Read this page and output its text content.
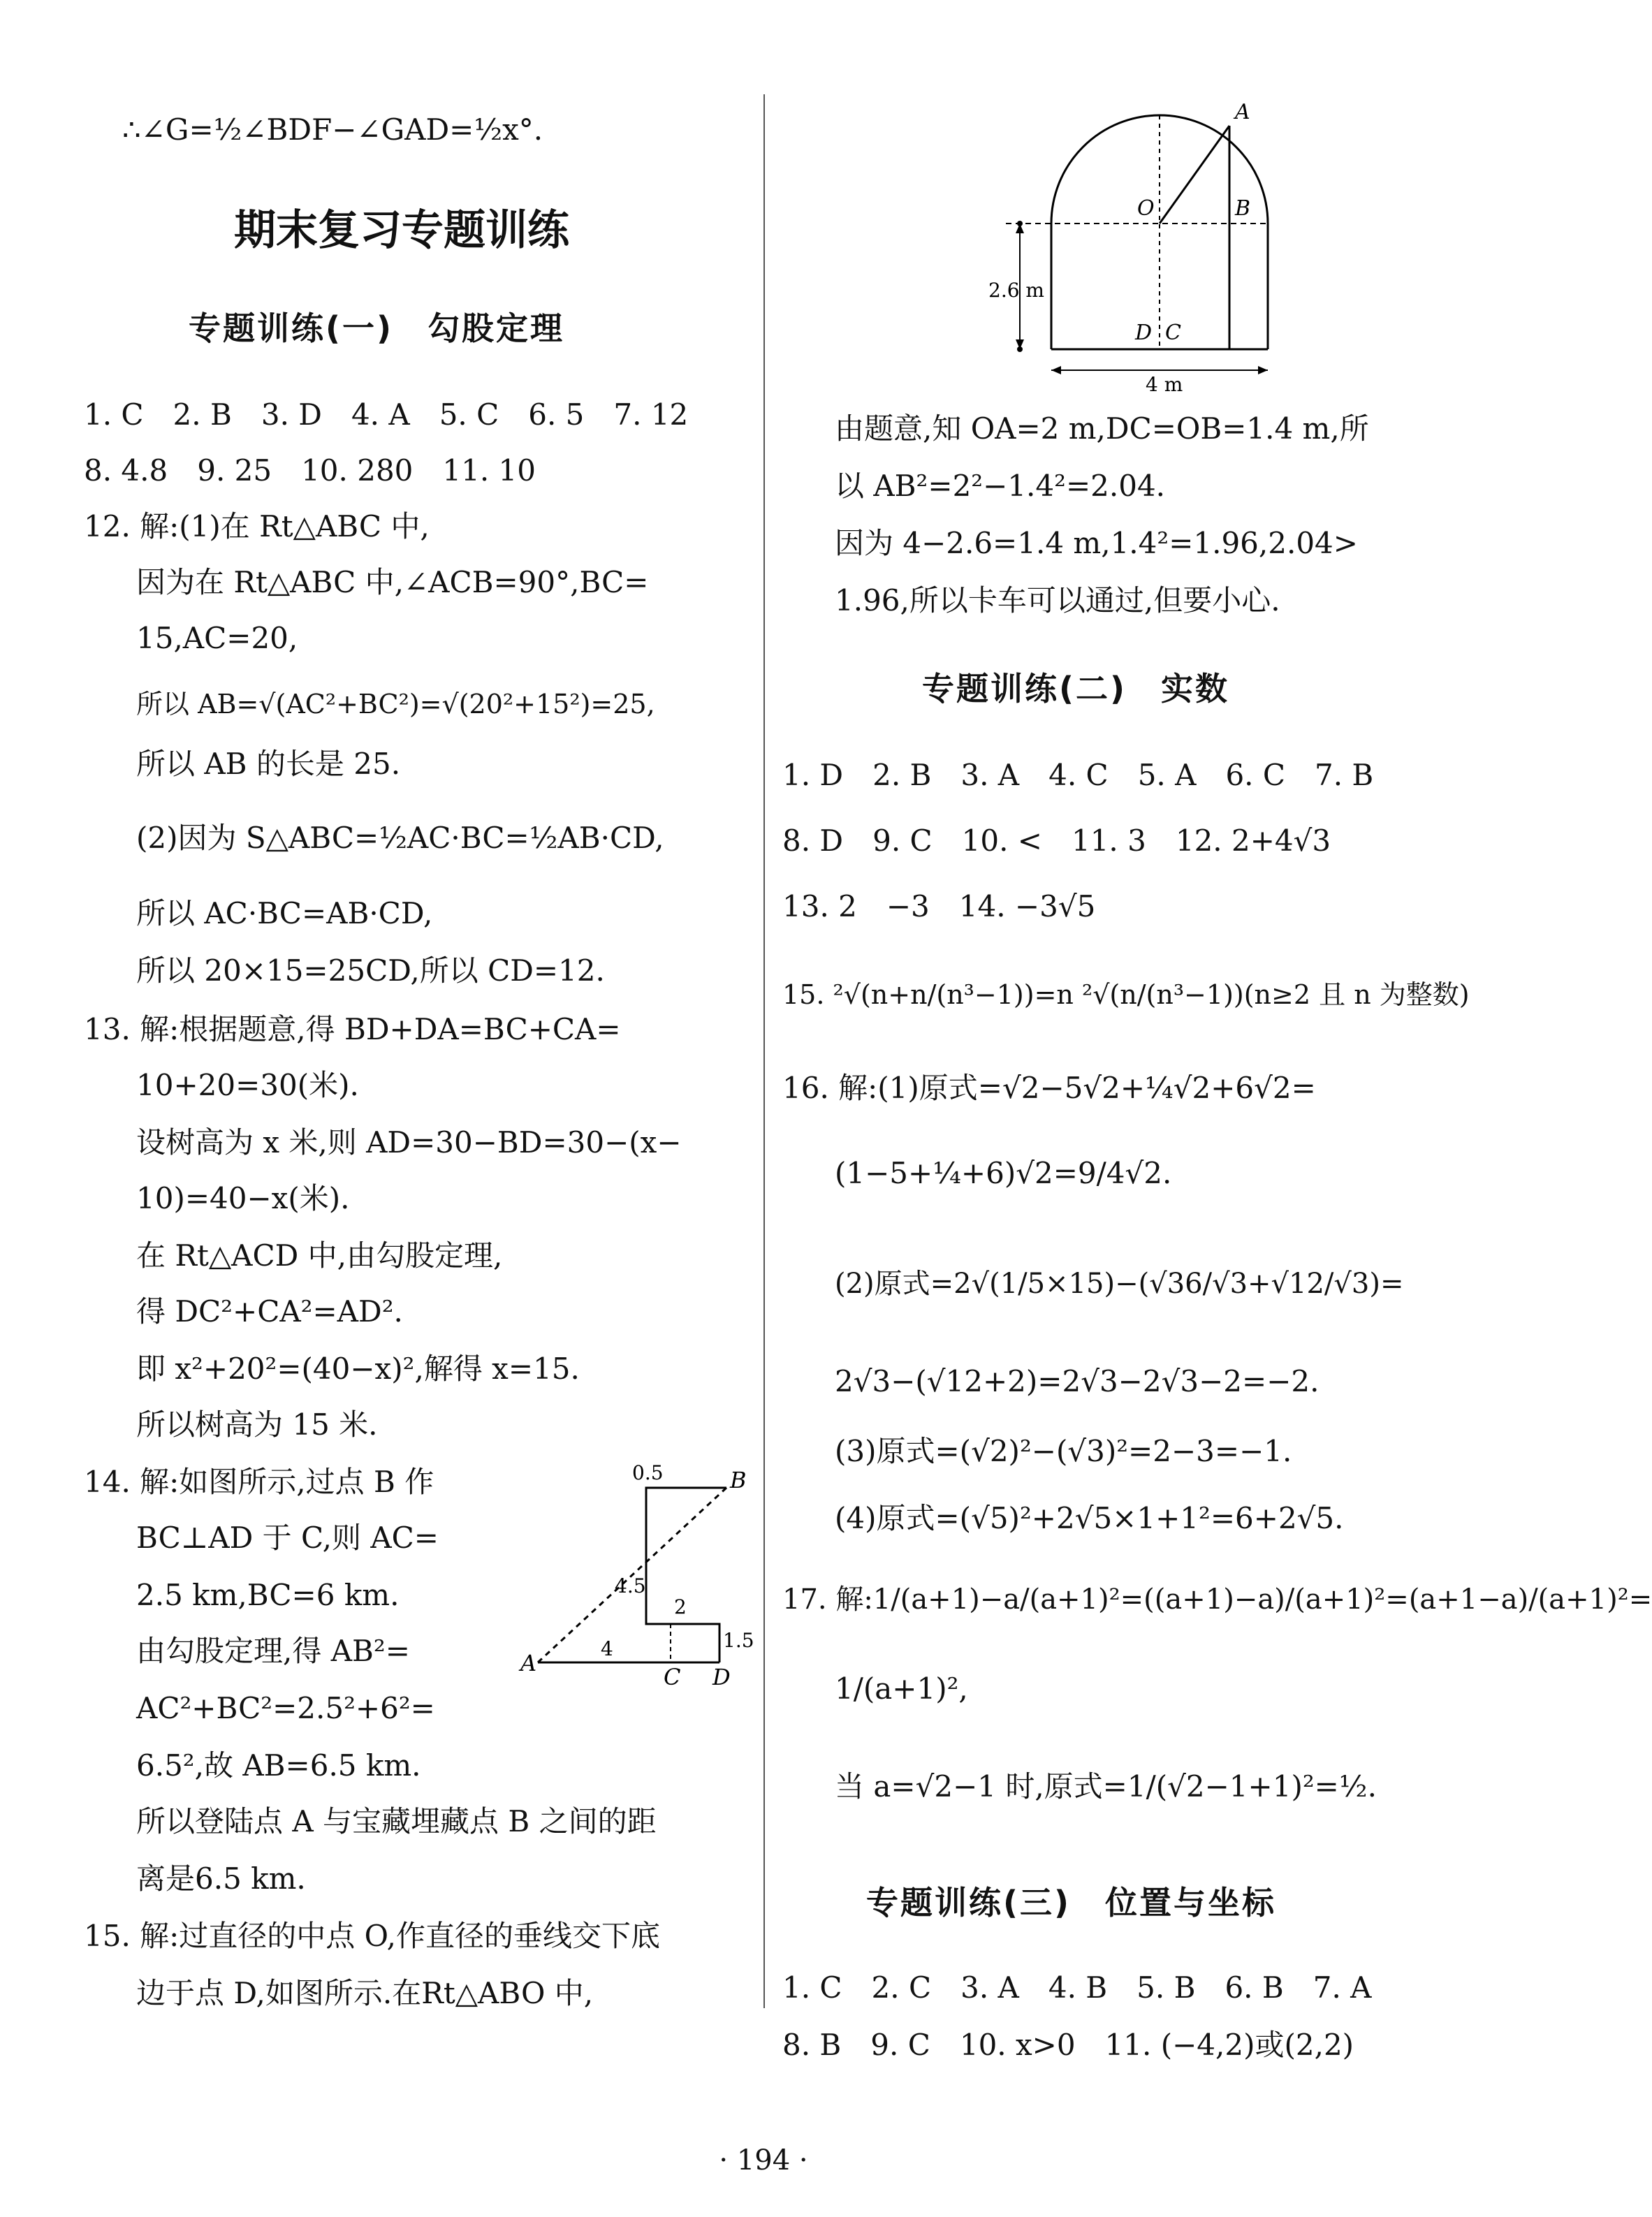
∴∠G=½∠BDF−∠GAD=½x°.
期末复习专题训练
专题训练(一)　勾股定理
1. C　2. B　3. D　4. A　5. C　6. 5　7. 12
8. 4.8　9. 25　10. 280　11. 10
12. 解:(1)在 Rt△ABC 中,
因为在 Rt△ABC 中,∠ACB=90°,BC=
15,AC=20,
所以 AB=√(AC²+BC²)=√(20²+15²)=25,
所以 AB 的长是 25.
(2)因为 S△ABC=½AC·BC=½AB·CD,
所以 AC·BC=AB·CD,
所以 20×15=25CD,所以 CD=12.
13. 解:根据题意,得 BD+DA=BC+CA=
10+20=30(米).
设树高为 x 米,则 AD=30−BD=30−(x−
10)=40−x(米).
在 Rt△ACD 中,由勾股定理,
得 DC²+CA²=AD².
即 x²+20²=(40−x)²,解得 x=15.
所以树高为 15 米.
14. 解:如图所示,过点 B 作
BC⊥AD 于 C,则 AC=
2.5 km,BC=6 km.
由勾股定理,得 AB²=
AC²+BC²=2.5²+6²=
6.5²,故 AB=6.5 km.
所以登陆点 A 与宝藏埋藏点 B 之间的距
离是6.5 km.
15. 解:过直径的中点 O,作直径的垂线交下底
边于点 D,如图所示.在Rt△ABO 中,
A
B
C D
0.5
4.5
2
4	1.5
A
O	B
D C
2.6 m
4 m
由题意,知 OA=2 m,DC=OB=1.4 m,所
以 AB²=2²−1.4²=2.04.
因为 4−2.6=1.4 m,1.4²=1.96,2.04>
1.96,所以卡车可以通过,但要小心.
专题训练(二)　实数
1. D　2. B　3. A　4. C　5. A　6. C　7. B
8. D　9. C　10. <　11. 3　12. 2+4√3
13. 2　−3　14. −3√5
15. ²√(n+n/(n³−1))=n ²√(n/(n³−1))(n≥2 且 n 为整数)
16. 解:(1)原式=√2−5√2+¼√2+6√2=
(1−5+¼+6)√2=9/4√2.
(2)原式=2√(1/5×15)−(√36/√3+√12/√3)=
2√3−(√12+2)=2√3−2√3−2=−2.
(3)原式=(√2)²−(√3)²=2−3=−1.
(4)原式=(√5)²+2√5×1+1²=6+2√5.
17. 解:1/(a+1)−a/(a+1)²=((a+1)−a)/(a+1)²=(a+1−a)/(a+1)²=
1/(a+1)²,
当 a=√2−1 时,原式=1/(√2−1+1)²=½.
专题训练(三)　位置与坐标
1. C　2. C　3. A　4. B　5. B　6. B　7. A
8. B　9. C　10. x>0　11. (−4,2)或(2,2)
· 194 ·
